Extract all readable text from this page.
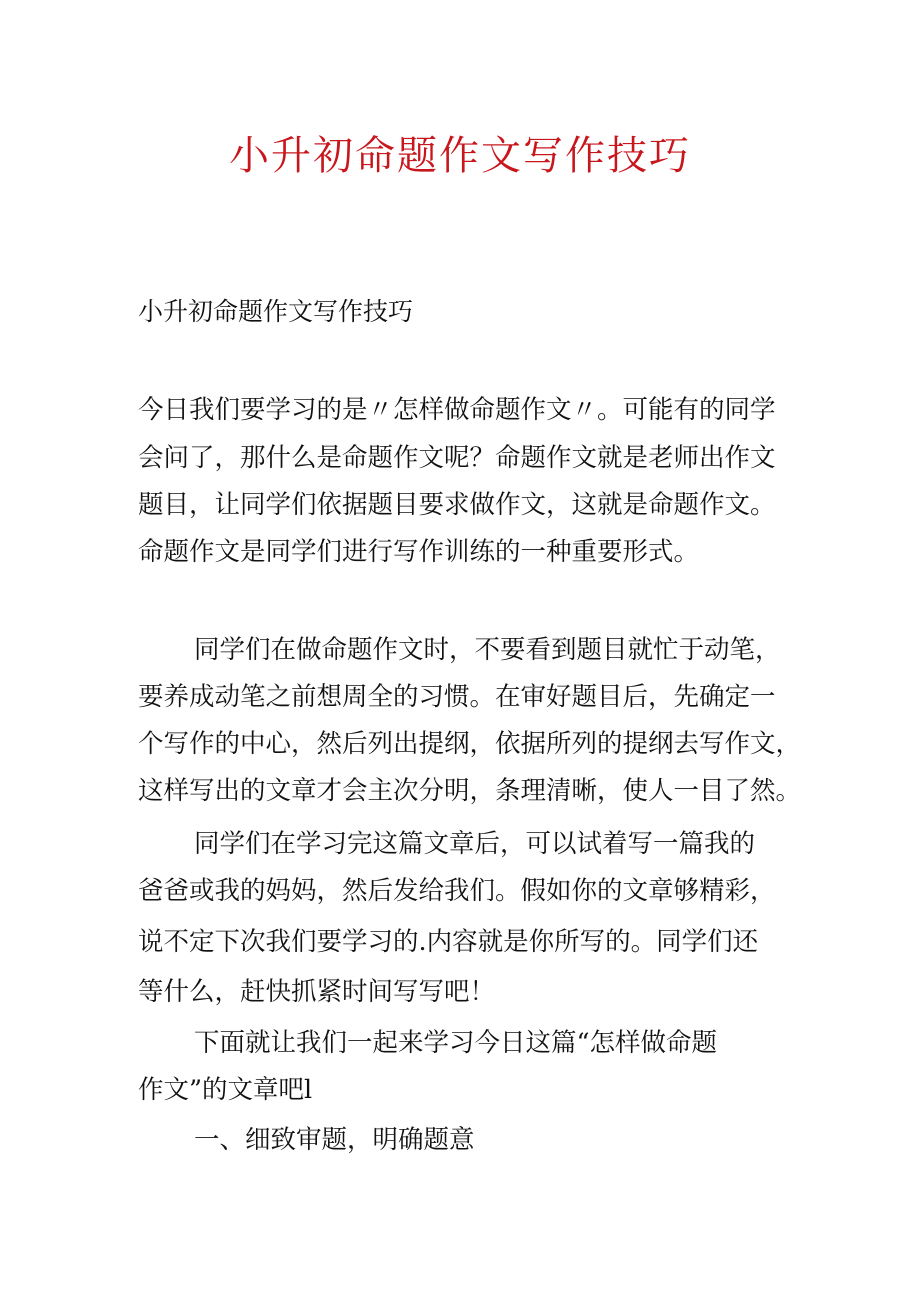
小升初命题作文写作技巧

小升初命题作文写作技巧

今日我们要学习的是〃怎样做命题作文〃。可能有的同学

会问了，那什么是命题作文呢？命题作文就是老师出作文

题目，让同学们依据题目要求做作文，这就是命题作文。

命题作文是同学们进行写作训练的一种重要形式。

同学们在做命题作文时，不要看到题目就忙于动笔，

要养成动笔之前想周全的习惯。在审好题目后，先确定一

个写作的中心，然后列出提纲，依据所列的提纲去写作文，

这样写出的文章才会主次分明，条理清晰，使人一目了然。

同学们在学习完这篇文章后，可以试着写一篇我的

爸爸或我的妈妈，然后发给我们。假如你的文章够精彩，

说不定下次我们要学习的.内容就是你所写的。同学们还

等什么，赶快抓紧时间写写吧！

下面就让我们一起来学习今日这篇“怎样做命题

作文”的文章吧l

一、细致审题，明确题意
